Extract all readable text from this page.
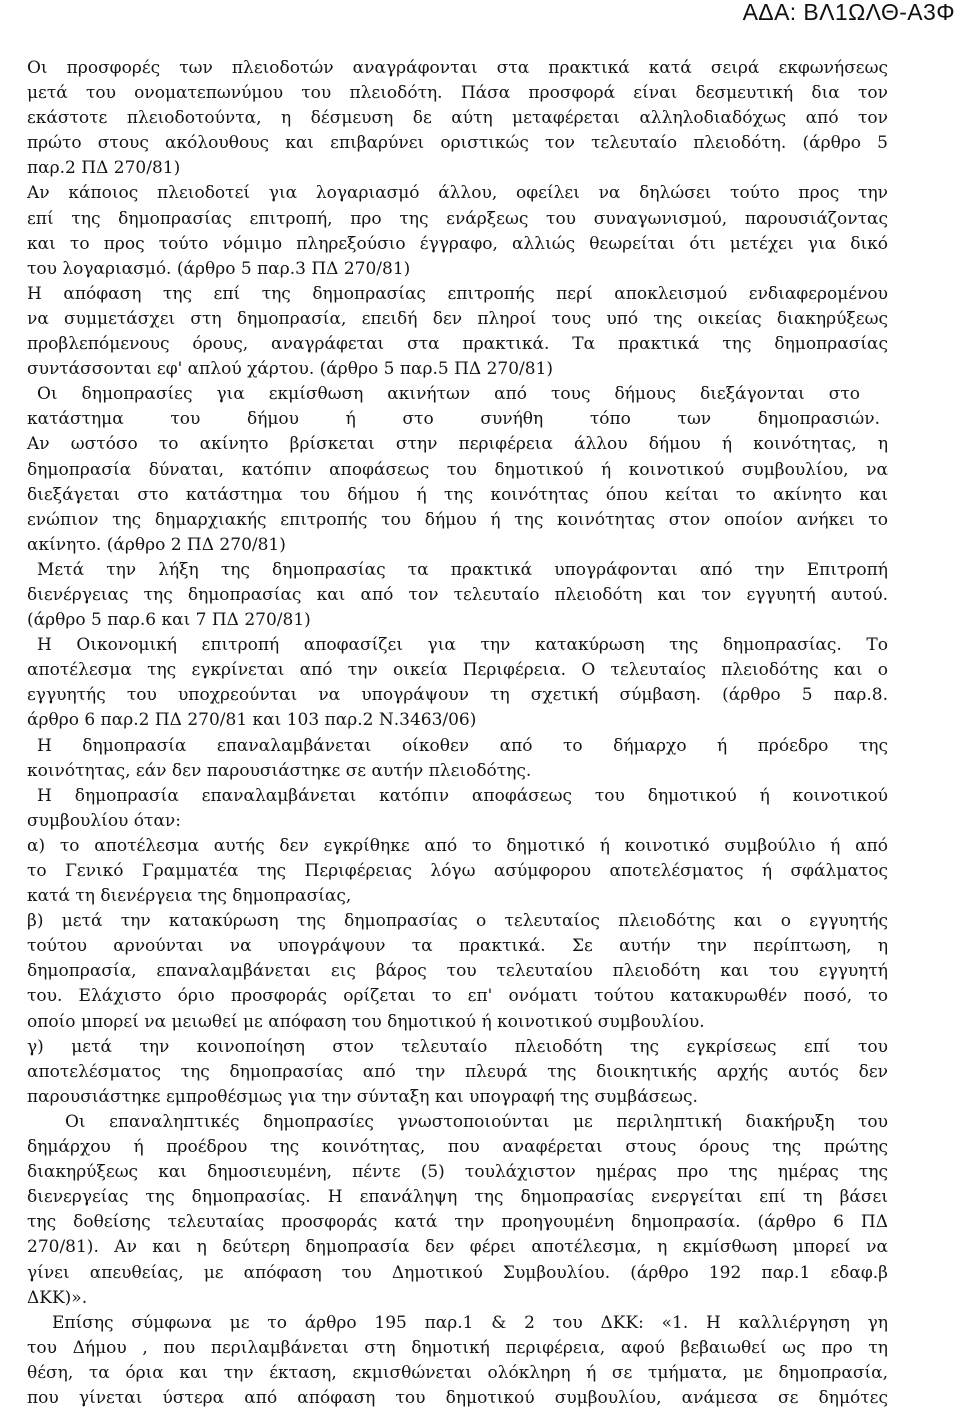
ΑΔΑ: ΒΛ1ΩΛΘ-Α3Φ
Οι προσφορές των πλειοδοτών αναγράφονται στα πρακτικά κατά σειρά εκφωνήσεως
μετά του ονοματεπωνύμου του πλειοδότη. Πάσα προσφορά είναι δεσμευτική δια τον
εκάστοτε πλειοδοτούντα, η δέσμευση δε αύτη μεταφέρεται αλληλοδιαδόχως από τον
πρώτο στους ακόλουθους και επιβαρύνει οριστικώς τον τελευταίο πλειοδότη. (άρθρο 5
παρ.2 ΠΔ 270/81)
Αν κάποιος πλειοδοτεί για λογαριασμό άλλου, οφείλει να δηλώσει τούτο προς την
επί της δημοπρασίας επιτροπή, προ της ενάρξεως του συναγωνισμού, παρουσιάζοντας
και το προς τούτο νόμιμο πληρεξούσιο έγγραφο, αλλιώς θεωρείται ότι μετέχει για δικό
του λογαριασμό. (άρθρο 5 παρ.3 ΠΔ 270/81)
Η απόφαση της επί της δημοπρασίας επιτροπής περί αποκλεισμού ενδιαφερομένου
να συμμετάσχει στη δημοπρασία, επειδή δεν πληροί τους υπό της οικείας διακηρύξεως
προβλεπόμενους όρους, αναγράφεται στα πρακτικά. Τα πρακτικά της δημοπρασίας
συντάσσονται εφ' απλού χάρτου. (άρθρο 5 παρ.5 ΠΔ 270/81)
Οι δημοπρασίες για εκμίσθωση ακινήτων από τους δήμους διεξάγονται στο
κατάστημα του δήμου ή στο συνήθη τόπο των δημοπρασιών.
Αν ωστόσο το ακίνητο βρίσκεται στην περιφέρεια άλλου δήμου ή κοινότητας, η
δημοπρασία δύναται, κατόπιν αποφάσεως του δημοτικού ή κοινοτικού συμβουλίου, να
διεξάγεται στο κατάστημα του δήμου ή της κοινότητας όπου κείται το ακίνητο και
ενώπιον της δημαρχιακής επιτροπής του δήμου ή της κοινότητας στον οποίον ανήκει το
ακίνητο. (άρθρο 2 ΠΔ 270/81)
Μετά την λήξη της δημοπρασίας τα πρακτικά υπογράφονται από την Επιτροπή
διενέργειας της δημοπρασίας και από τον τελευταίο πλειοδότη και τον εγγυητή αυτού.
(άρθρο 5 παρ.6 και 7 ΠΔ 270/81)
Η Οικονομική επιτροπή αποφασίζει για την κατακύρωση της δημοπρασίας. Το
αποτέλεσμα της εγκρίνεται από την οικεία Περιφέρεια. Ο τελευταίος πλειοδότης και ο
εγγυητής του υποχρεούνται να υπογράψουν τη σχετική σύμβαση. (άρθρο 5 παρ.8.
άρθρο 6 παρ.2 ΠΔ 270/81 και 103 παρ.2 Ν.3463/06)
Η δημοπρασία επαναλαμβάνεται οίκοθεν από το δήμαρχο ή πρόεδρο της
κοινότητας, εάν δεν παρουσιάστηκε σε αυτήν πλειοδότης.
Η δημοπρασία επαναλαμβάνεται κατόπιν αποφάσεως του δημοτικού ή κοινοτικού
συμβουλίου όταν:
α) το αποτέλεσμα αυτής δεν εγκρίθηκε από το δημοτικό ή κοινοτικό συμβούλιο ή από
το Γενικό Γραμματέα της Περιφέρειας λόγω ασύμφορου αποτελέσματος ή σφάλματος
κατά τη διενέργεια της δημοπρασίας,
β) μετά την κατακύρωση της δημοπρασίας ο τελευταίος πλειοδότης και ο εγγυητής
τούτου αρνούνται να υπογράψουν τα πρακτικά. Σε αυτήν την περίπτωση, η
δημοπρασία, επαναλαμβάνεται εις βάρος του τελευταίου πλειοδότη και του εγγυητή
του. Ελάχιστο όριο προσφοράς ορίζεται το επ' ονόματι τούτου κατακυρωθέν ποσό, το
οποίο μπορεί να μειωθεί με απόφαση του δημοτικού ή κοινοτικού συμβουλίου.
γ) μετά την κοινοποίηση στον τελευταίο πλειοδότη της εγκρίσεως επί του
αποτελέσματος της δημοπρασίας από την πλευρά της διοικητικής αρχής αυτός δεν
παρουσιάστηκε εμπροθέσμως για την σύνταξη και υπογραφή της συμβάσεως.
Οι επαναληπτικές δημοπρασίες γνωστοποιούνται με περιληπτική διακήρυξη του
δημάρχου ή προέδρου της κοινότητας, που αναφέρεται στους όρους της πρώτης
διακηρύξεως και δημοσιευμένη, πέντε (5) τουλάχιστον ημέρας προ της ημέρας της
διενεργείας της δημοπρασίας. Η επανάληψη της δημοπρασίας ενεργείται επί τη βάσει
της δοθείσης τελευταίας προσφοράς κατά την προηγουμένη δημοπρασία. (άρθρο 6 ΠΔ
270/81). Αν και η δεύτερη δημοπρασία δεν φέρει αποτέλεσμα, η εκμίσθωση μπορεί να
γίνει απευθείας, με απόφαση του Δημοτικού Συμβουλίου. (άρθρο 192 παρ.1 εδαφ.β
ΔΚΚ)».
Επίσης σύμφωνα με το άρθρο 195 παρ.1 & 2 του ΔΚΚ: «1. Η καλλιέργηση γη
του Δήμου , που περιλαμβάνεται στη δημοτική περιφέρεια, αφού βεβαιωθεί ως προ τη
θέση, τα όρια και την έκταση, εκμισθώνεται ολόκληρη ή σε τμήματα, με δημοπρασία,
που γίνεται ύστερα από απόφαση του δημοτικού συμβουλίου, ανάμεσα σε δημότες
